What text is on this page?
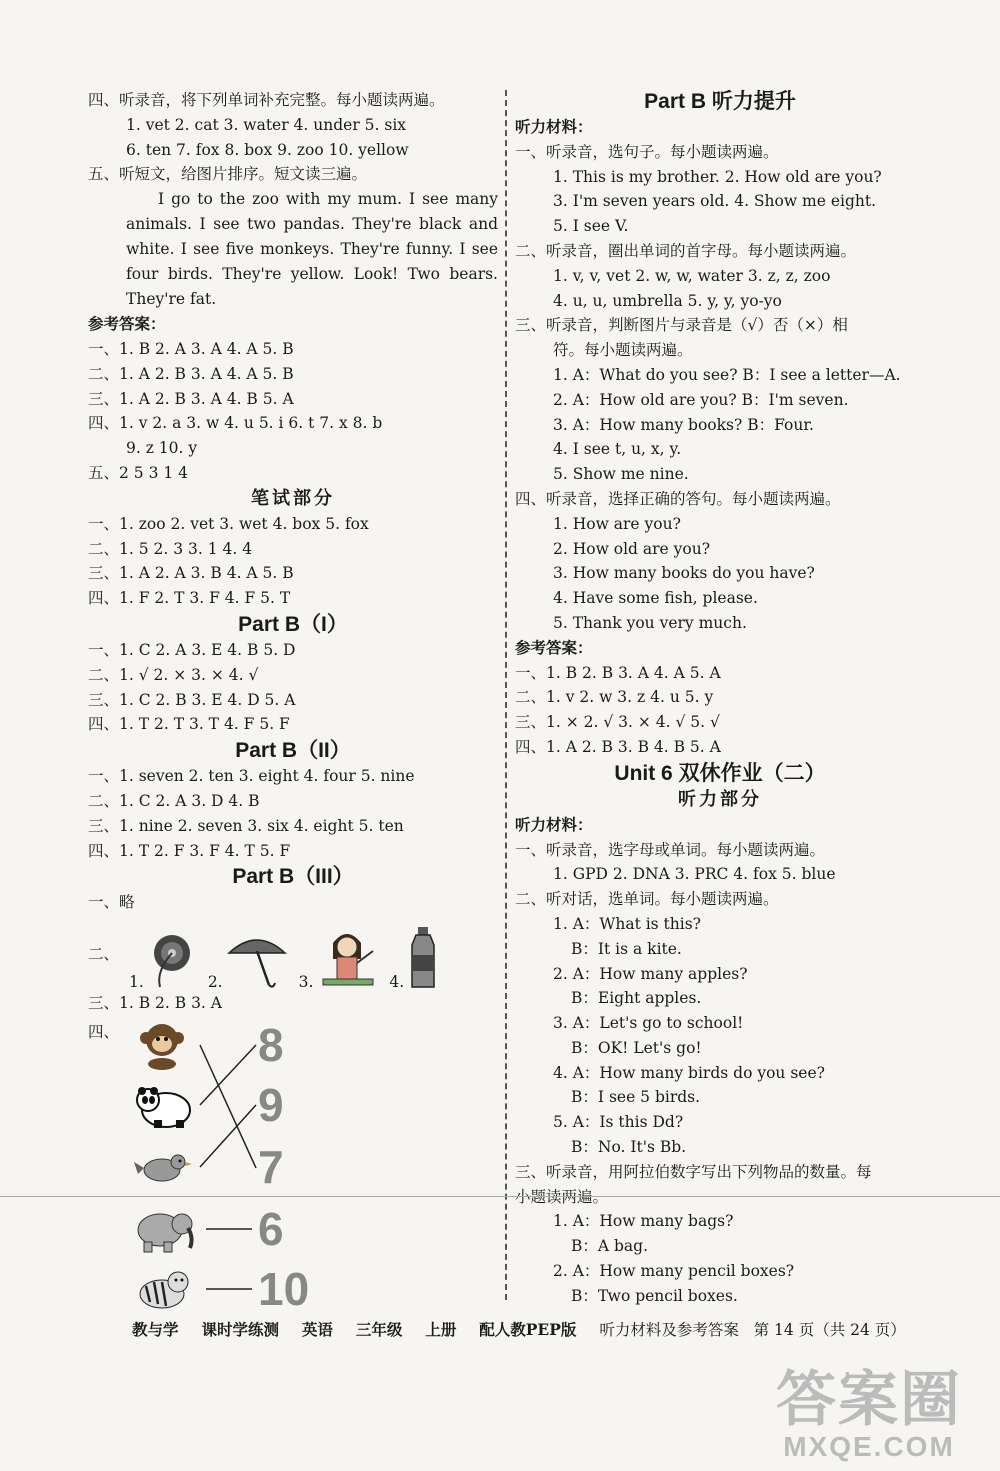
四、听录音，将下列单词补充完整。每小题读两遍。
1. vet 2. cat 3. water 4. under 5. six
6. ten 7. fox 8. box 9. zoo 10. yellow
五、听短文，给图片排序。短文读三遍。
I go to the zoo with my mum. I see many animals. I see two pandas. They're black and white. I see five monkeys. They're funny. I see four birds. They're yellow. Look! Two bears. They're fat.
参考答案：
一、1. B 2. A 3. A 4. A 5. B
二、1. A 2. B 3. A 4. A 5. B
三、1. A 2. B 3. A 4. B 5. A
四、1. v 2. a 3. w 4. u 5. i 6. t 7. x 8. b
9. z 10. y
五、2 5 3 1 4
笔试部分
一、1. zoo 2. vet 3. wet 4. box 5. fox
二、1. 5 2. 3 3. 1 4. 4
三、1. A 2. A 3. B 4. A 5. B
四、1. F 2. T 3. F 4. F 5. T
Part B（I）
一、1. C 2. A 3. E 4. B 5. D
二、1. √ 2. × 3. × 4. √
三、1. C 2. B 3. E 4. D 5. A
四、1. T 2. T 3. T 4. F 5. F
Part B（II）
一、1. seven 2. ten 3. eight 4. four 5. nine
二、1. C 2. A 3. D 4. B
三、1. nine 2. seven 3. six 4. eight 5. ten
四、1. T 2. F 3. F 4. T 5. F
Part B（III）
一、略
二、
1.	2.	3.	4.
三、1. B 2. B 3. A
四、	8
9
7
6
10
Part B 听力提升
听力材料：
一、听录音，选句子。每小题读两遍。
1. This is my brother. 2. How old are you?
3. I'm seven years old. 4. Show me eight.
5. I see V.
二、听录音，圈出单词的首字母。每小题读两遍。
1. v, v, vet 2. w, w, water 3. z, z, zoo
4. u, u, umbrella 5. y, y, yo-yo
三、听录音，判断图片与录音是（√）否（×）相
符。每小题读两遍。
1. A：What do you see? B：I see a letter—A.
2. A：How old are you? B：I'm seven.
3. A：How many books? B：Four.
4. I see t, u, x, y.
5. Show me nine.
四、听录音，选择正确的答句。每小题读两遍。
1. How are you?
2. How old are you?
3. How many books do you have?
4. Have some fish, please.
5. Thank you very much.
参考答案：
一、1. B 2. B 3. A 4. A 5. A
二、1. v 2. w 3. z 4. u 5. y
三、1. × 2. √ 3. × 4. √ 5. √
四、1. A 2. B 3. B 4. B 5. A
Unit 6 双休作业（二）
听力部分
听力材料：
一、听录音，选字母或单词。每小题读两遍。
1. GPD 2. DNA 3. PRC 4. fox 5. blue
二、听对话，选单词。每小题读两遍。
1. A：What is this?
B：It is a kite.
2. A：How many apples?
B：Eight apples.
3. A：Let's go to school!
B：OK! Let's go!
4. A：How many birds do you see?
B：I see 5 birds.
5. A：Is this Dd?
B：No. It's Bb.
三、听录音，用阿拉伯数字写出下列物品的数量。每
小题读两遍。
1. A：How many bags?
B：A bag.
2. A：How many pencil boxes?
B：Two pencil boxes.
教与学 课时学练测 英语 三年级 上册 配人教PEP版 听力材料及参考答案   第 14 页（共 24 页）
答案圈
MXQE.COM
